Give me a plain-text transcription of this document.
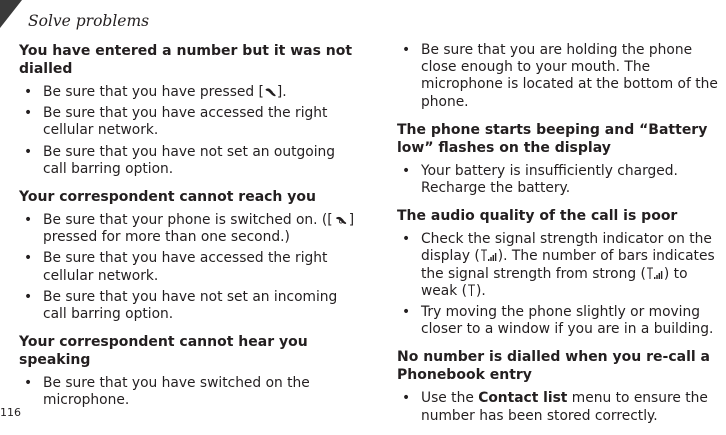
Solve problems
You have entered a number but it was not dialled
• Be sure that you have pressed [ ].
• Be sure that you have accessed the right cellular network.
• Be sure that you have not set an outgoing call barring option.
Your correspondent cannot reach you
• Be sure that your phone is switched on. ([ ] pressed for more than one second.)
• Be sure that you have accessed the right cellular network.
• Be sure that you have not set an incoming call barring option.
Your correspondent cannot hear you speaking
• Be sure that you have switched on the microphone.
• Be sure that you are holding the phone close enough to your mouth. The microphone is located at the bottom of the phone.
The phone starts beeping and “Battery low” flashes on the display
• Your battery is insufficiently charged. Recharge the battery.
The audio quality of the call is poor
• Check the signal strength indicator on the display ( ). The number of bars indicates the signal strength from strong ( ) to weak ( ).
• Try moving the phone slightly or moving closer to a window if you are in a building.
No number is dialled when you re-call a Phonebook entry
• Use the Contact list menu to ensure the number has been stored correctly.
116
